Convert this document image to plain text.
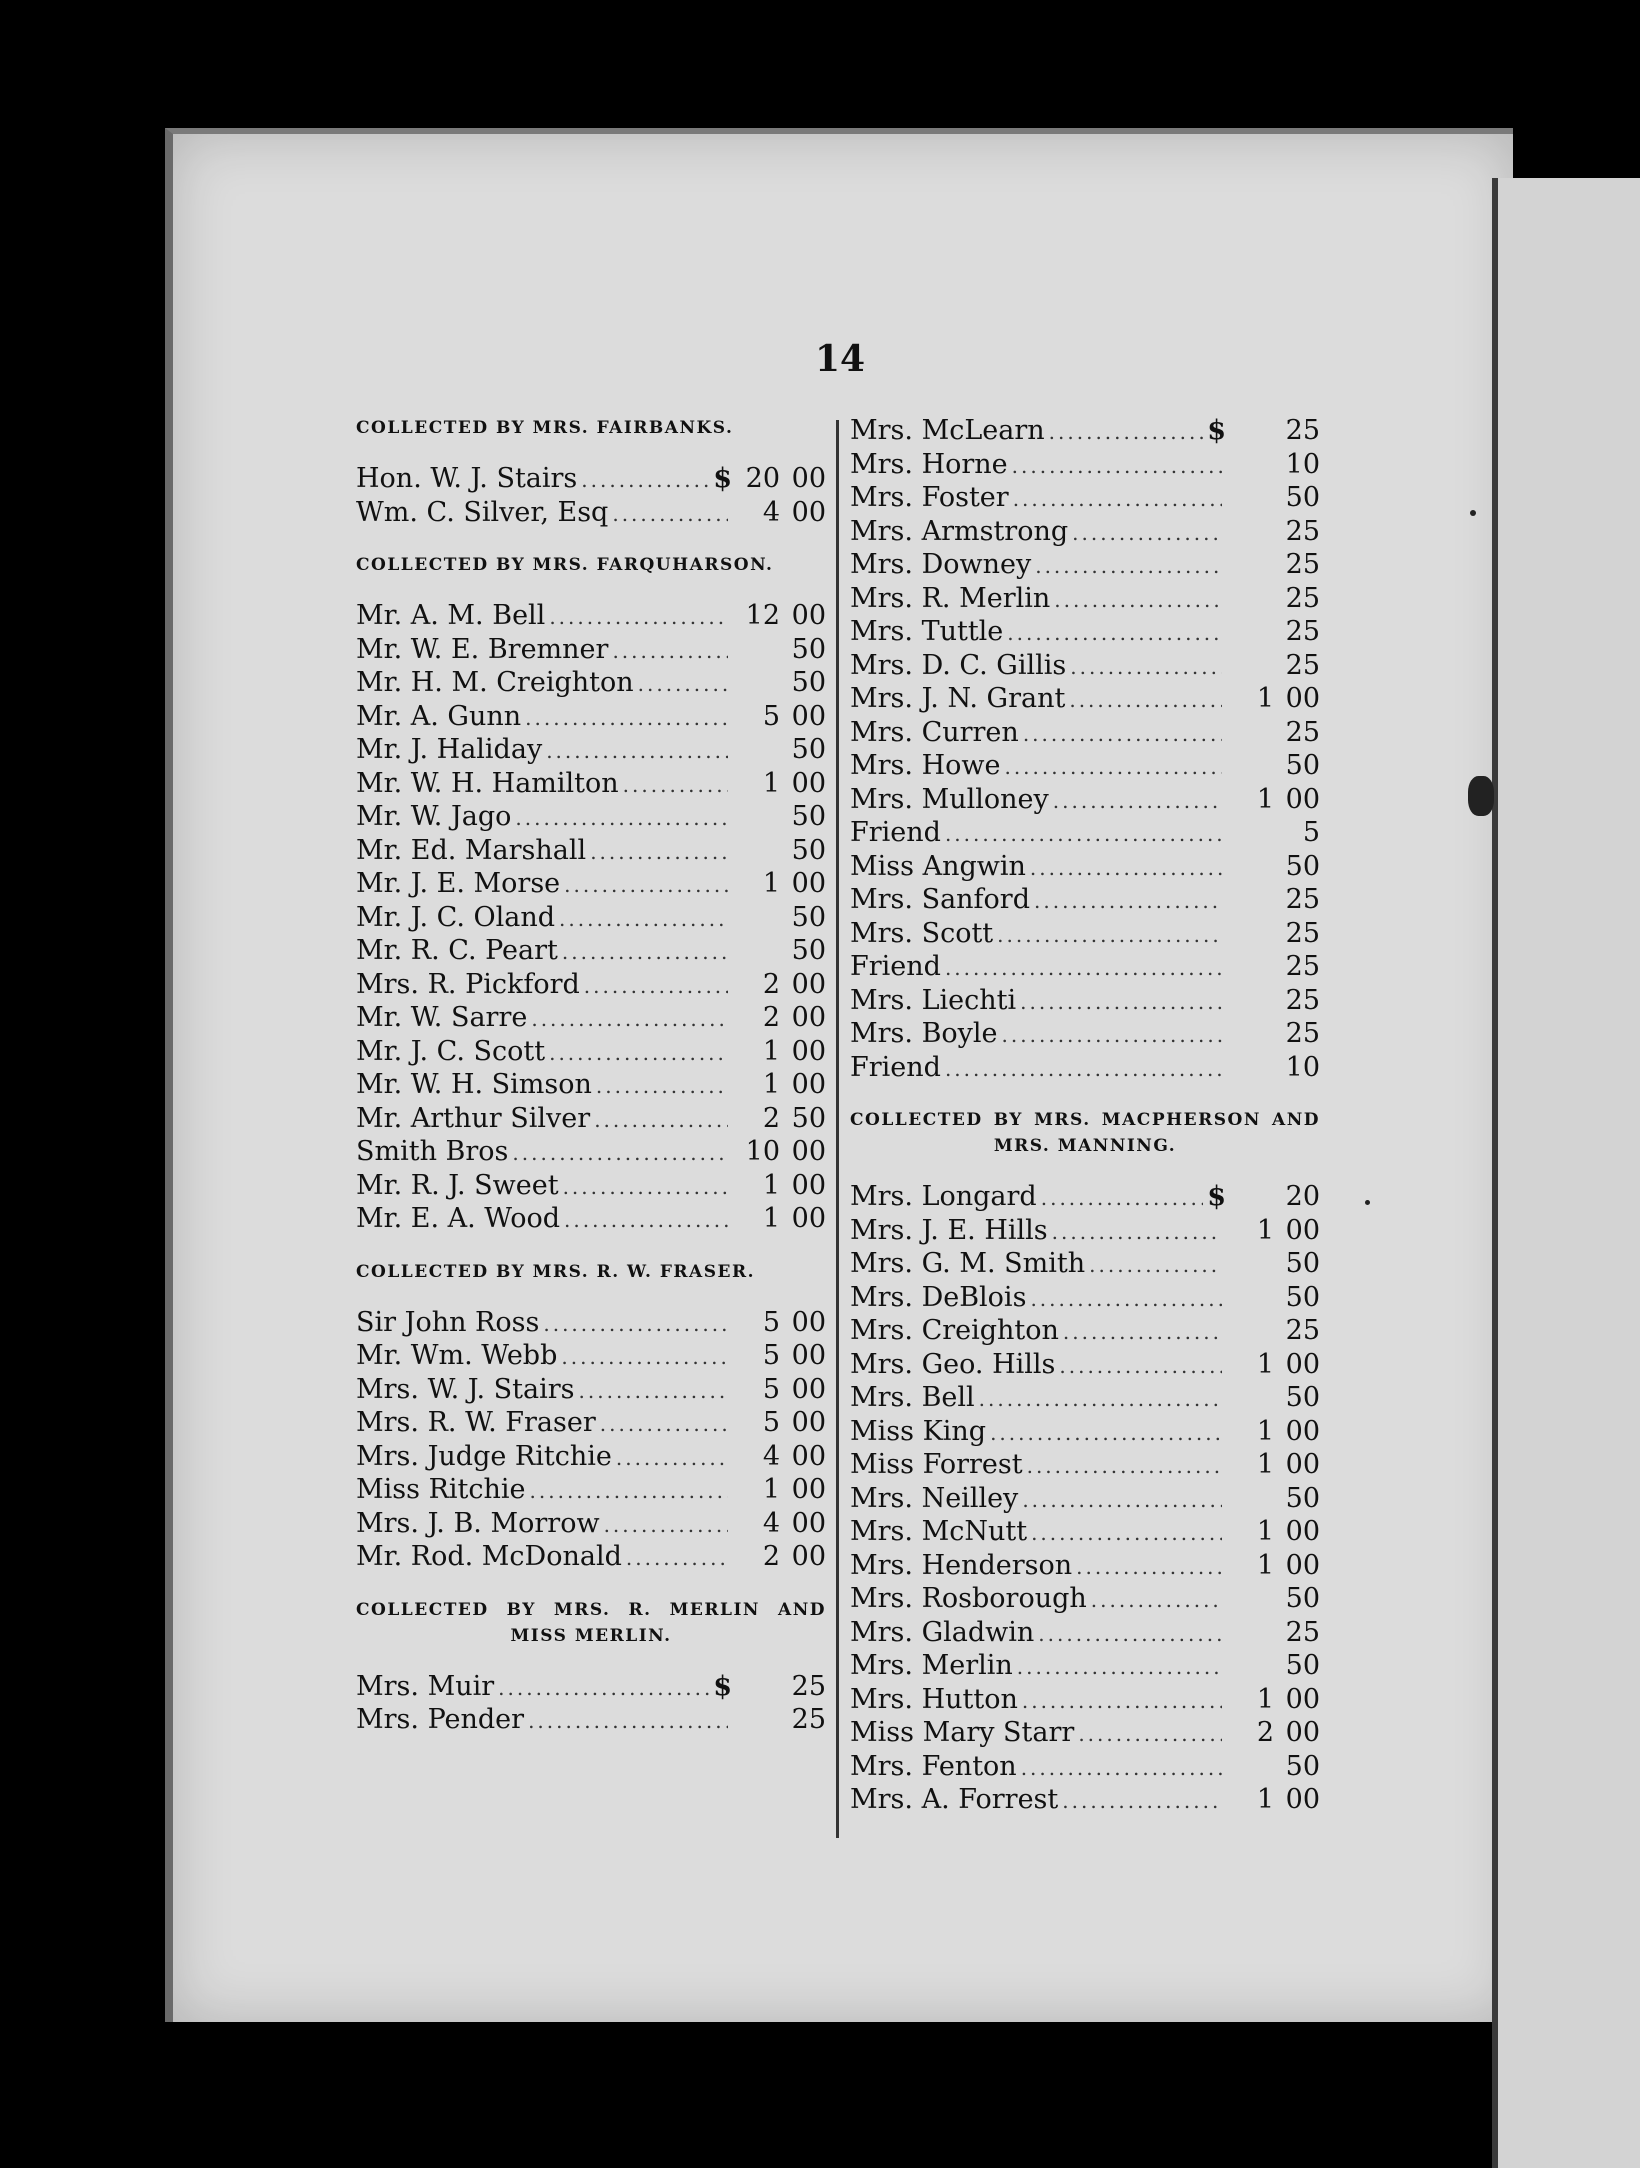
14
COLLECTED BY MRS. FAIRBANKS.
Hon. W. J. Stairs .....	$ 20 00
Wm. C. Silver, Esq .....	4 00
COLLECTED BY MRS. FARQUHARSON.
Mr. A. M. Bell .....	12 00
Mr. W. E. Bremner .....	50
Mr. H. M. Creighton .....	50
Mr. A. Gunn .....	5 00
Mr. J. Haliday .....	50
Mr. W. H. Hamilton .....	1 00
Mr. W. Jago .....	50
Mr. Ed. Marshall .....	50
Mr. J. E. Morse .....	1 00
Mr. J. C. Oland .....	50
Mr. R. C. Peart .....	50
Mrs. R. Pickford .....	2 00
Mr. W. Sarre .....	2 00
Mr. J. C. Scott .....	1 00
Mr. W. H. Simson .....	1 00
Mr. Arthur Silver .....	2 50
Smith Bros .....	10 00
Mr. R. J. Sweet .....	1 00
Mr. E. A. Wood .....	1 00
COLLECTED BY MRS. R. W. FRASER.
Sir John Ross .....	5 00
Mr. Wm. Webb .....	5 00
Mrs. W. J. Stairs .....	5 00
Mrs. R. W. Fraser .....	5 00
Mrs. Judge Ritchie .....	4 00
Miss Ritchie .....	1 00
Mrs. J. B. Morrow .....	4 00
Mr. Rod. McDonald .....	2 00
COLLECTED BY MRS. R. MERLIN AND MISS MERLIN.
Mrs. Muir .....	$	25
Mrs. Pender .....	25
Mrs. McLearn .....	$	25
Mrs. Horne .....	10
Mrs. Foster .....	50
Mrs. Armstrong .....	25
Mrs. Downey .....	25
Mrs. R. Merlin .....	25
Mrs. Tuttle .....	25
Mrs. D. C. Gillis .....	25
Mrs. J. N. Grant .....	1 00
Mrs. Curren .....	25
Mrs. Howe .....	50
Mrs. Mulloney .....	1 00
Friend .....	5
Miss Angwin .....	50
Mrs. Sanford .....	25
Mrs. Scott .....	25
Friend .....	25
Mrs. Liechti .....	25
Mrs. Boyle .....	25
Friend .....	10
COLLECTED BY MRS. MACPHERSON AND MRS. MANNING.
Mrs. Longard .....	$	20
Mrs. J. E. Hills .....	1 00
Mrs. G. M. Smith .....	50
Mrs. DeBlois .....	50
Mrs. Creighton .....	25
Mrs. Geo. Hills .....	1 00
Mrs. Bell .....	50
Miss King .....	1 00
Miss Forrest .....	1 00
Mrs. Neilley .....	50
Mrs. McNutt .....	1 00
Mrs. Henderson .....	1 00
Mrs. Rosborough .....	50
Mrs. Gladwin .....	25
Mrs. Merlin .....	50
Mrs. Hutton .....	1 00
Miss Mary Starr .....	2 00
Mrs. Fenton .....	50
Mrs. A. Forrest .....	1 00
